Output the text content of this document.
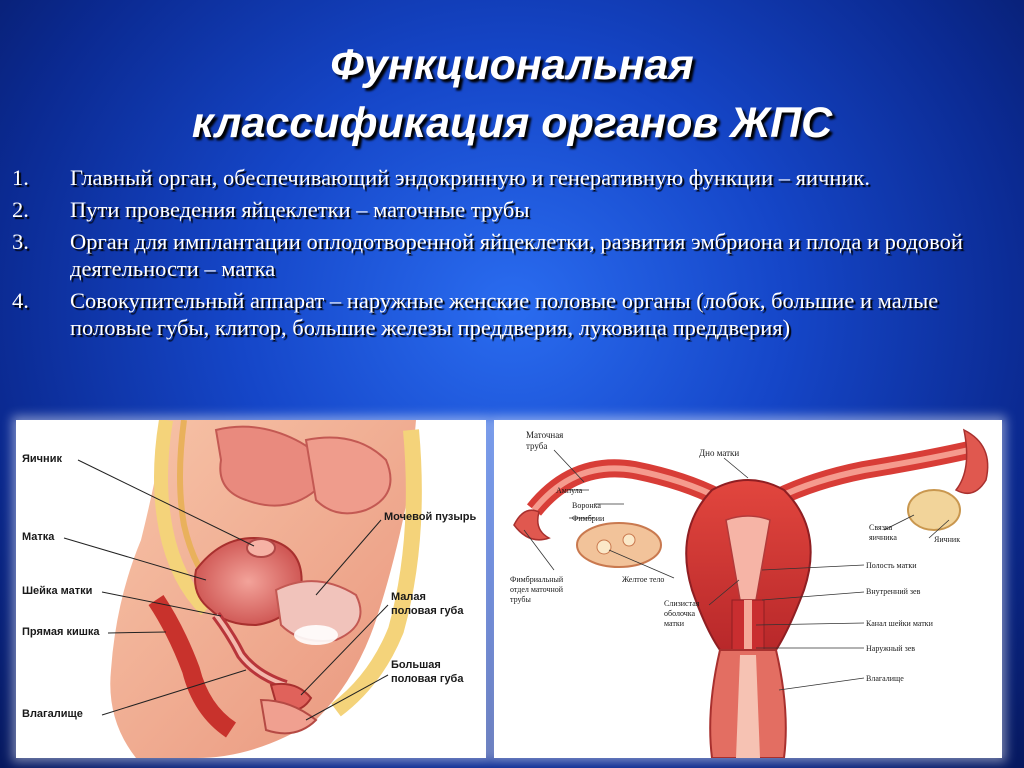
Функциональная
классификация органов ЖПС
1.	Главный орган, обеспечивающий эндокринную и генеративную функции – яичник.
2.	Пути проведения яйцеклетки – маточные трубы
3.	Орган для имплантации оплодотворенной яйцеклетки, развития эмбриона и плода и родовой деятельности – матка
4.	Совокупительный аппарат – наружные женские половые органы (лобок, большие и малые половые губы, клитор, большие железы преддверия, луковица преддверия)
Яичник
Матка
Шейка матки
Прямая кишка
Влагалище
Мочевой пузырь
Малая
половая губа
Большая
половая губа
Маточная
труба
Ампула
Воронка
Фимбрии
Дно матки
Фимбриальный
отдел маточной
трубы
Желтое тело
Слизистая
оболочка
матки
Связка
яичника	Яичник
Полость матки
Внутренний зев
Канал шейки матки
Наружный зев
Влагалище
